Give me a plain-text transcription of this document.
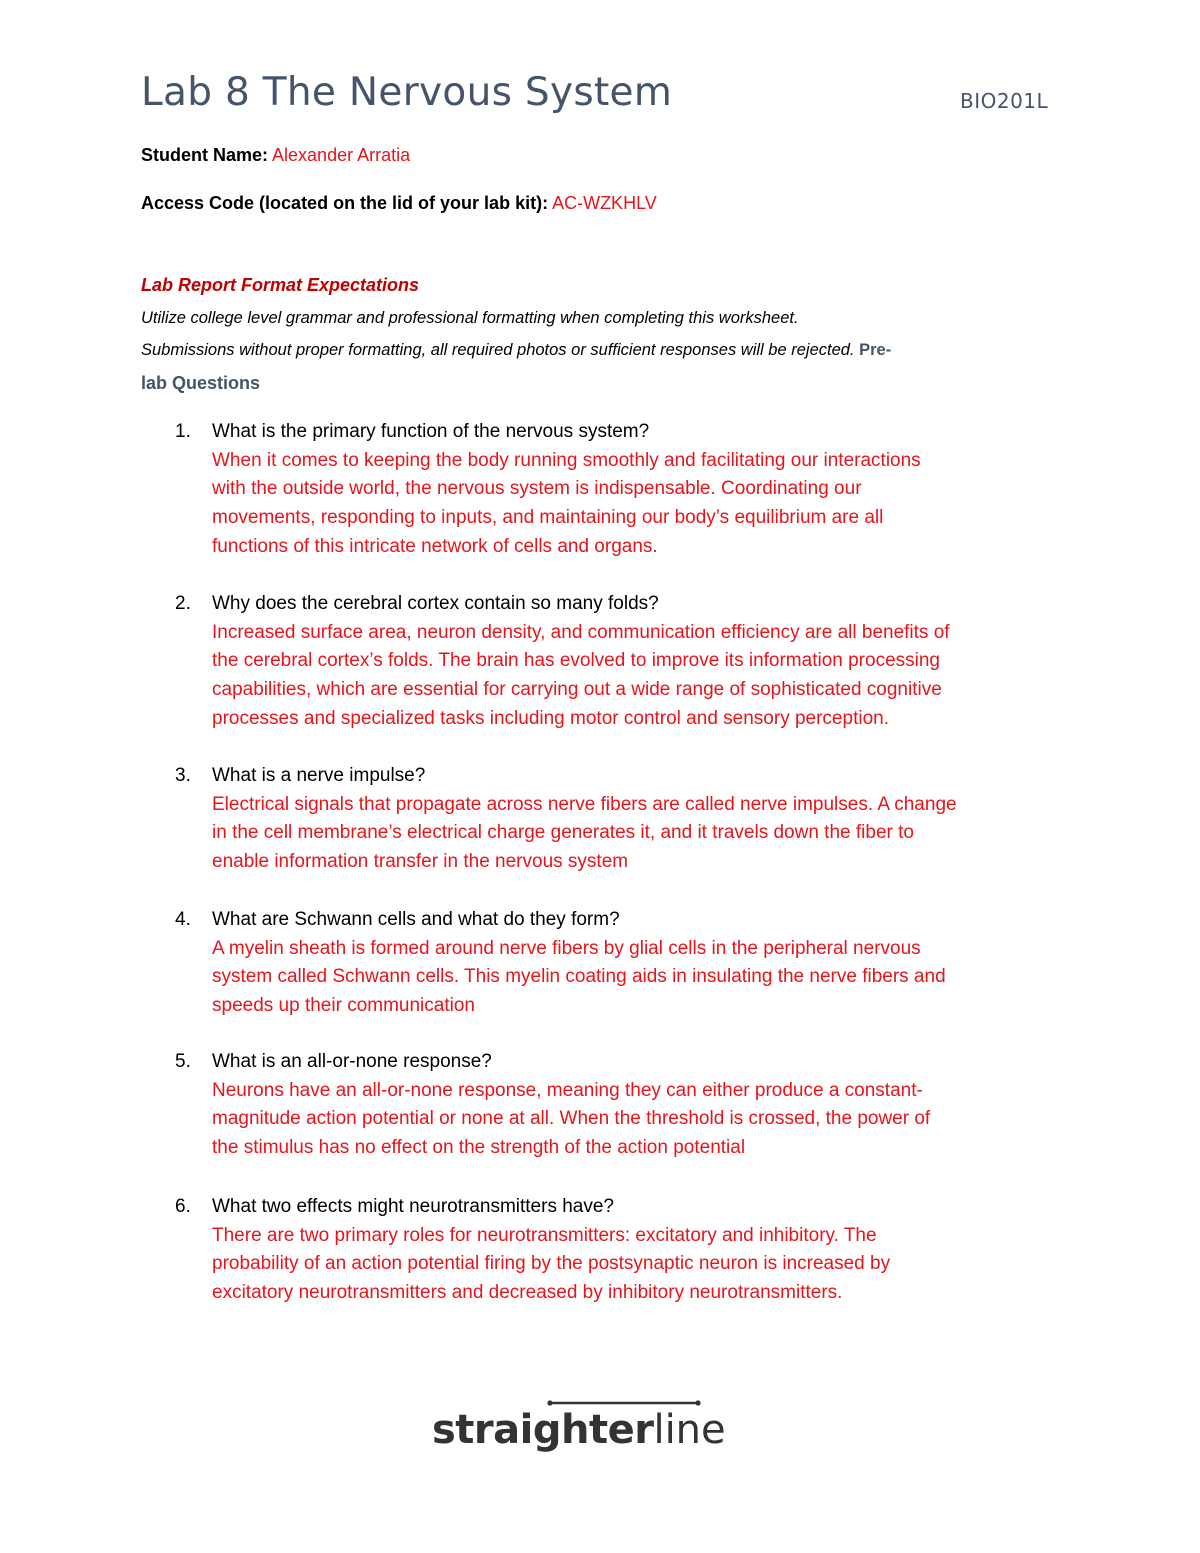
Lab 8 The Nervous System	BIO201L
Student Name: Alexander Arratia
Access Code (located on the lid of your lab kit): AC-WZKHLV
Lab Report Format Expectations
Utilize college level grammar and professional formatting when completing this worksheet.
Submissions without proper formatting, all required photos or sufficient responses will be rejected. Pre-
lab Questions
1.	What is the primary function of the nervous system?
When it comes to keeping the body running smoothly and facilitating our interactions
with the outside world, the nervous system is indispensable. Coordinating our
movements, responding to inputs, and maintaining our body’s equilibrium are all
functions of this intricate network of cells and organs.
2.	Why does the cerebral cortex contain so many folds?
Increased surface area, neuron density, and communication efficiency are all benefits of
the cerebral cortex’s folds. The brain has evolved to improve its information processing
capabilities, which are essential for carrying out a wide range of sophisticated cognitive
processes and specialized tasks including motor control and sensory perception.
3.	What is a nerve impulse?
Electrical signals that propagate across nerve fibers are called nerve impulses. A change
in the cell membrane’s electrical charge generates it, and it travels down the fiber to
enable information transfer in the nervous system
4.	What are Schwann cells and what do they form?
A myelin sheath is formed around nerve fibers by glial cells in the peripheral nervous
system called Schwann cells. This myelin coating aids in insulating the nerve fibers and
speeds up their communication
5.	What is an all-or-none response?
Neurons have an all-or-none response, meaning they can either produce a constant-
magnitude action potential or none at all. When the threshold is crossed, the power of
the stimulus has no effect on the strength of the action potential
6.	What two effects might neurotransmitters have?
There are two primary roles for neurotransmitters: excitatory and inhibitory. The
probability of an action potential firing by the postsynaptic neuron is increased by
excitatory neurotransmitters and decreased by inhibitory neurotransmitters.
straighterline
